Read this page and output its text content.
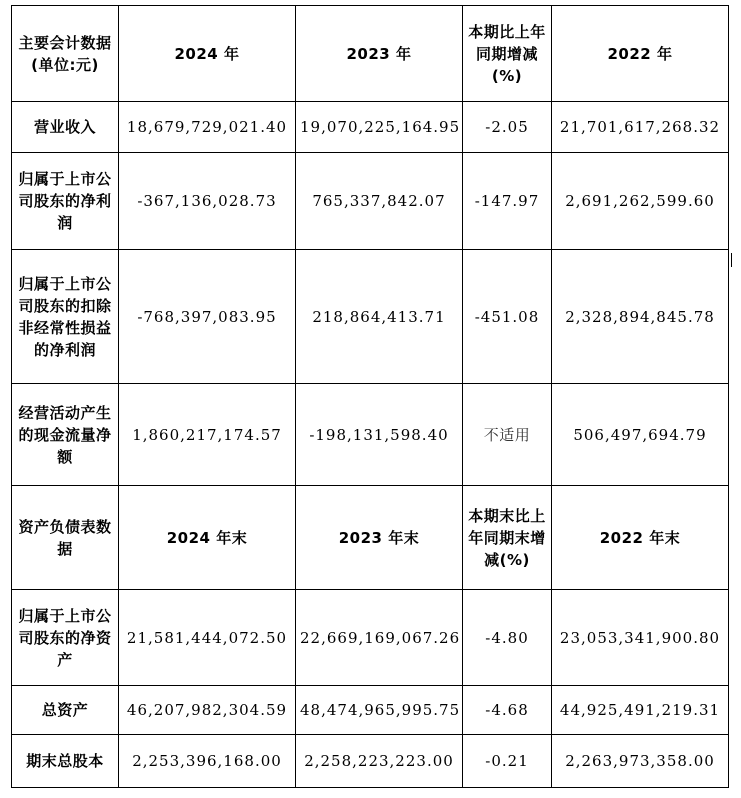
主要会计数据(单位:元)	2024 年	2023 年	本期比上年同期增减(%)	2022 年
营业收入	18,679,729,021.40	19,070,225,164.95	-2.05	21,701,617,268.32
归属于上市公司股东的净利润	-367,136,028.73	765,337,842.07	-147.97	2,691,262,599.60
归属于上市公司股东的扣除非经常性损益的净利润	-768,397,083.95	218,864,413.71	-451.08	2,328,894,845.78
经营活动产生的现金流量净额	1,860,217,174.57	-198,131,598.40	不适用	506,497,694.79
资产负债表数据	2024 年末	2023 年末	本期末比上年同期末增减(%)	2022 年末
归属于上市公司股东的净资产	21,581,444,072.50	22,669,169,067.26	-4.80	23,053,341,900.80
总资产	46,207,982,304.59	48,474,965,995.75	-4.68	44,925,491,219.31
期末总股本	2,253,396,168.00	2,258,223,223.00	-0.21	2,263,973,358.00
